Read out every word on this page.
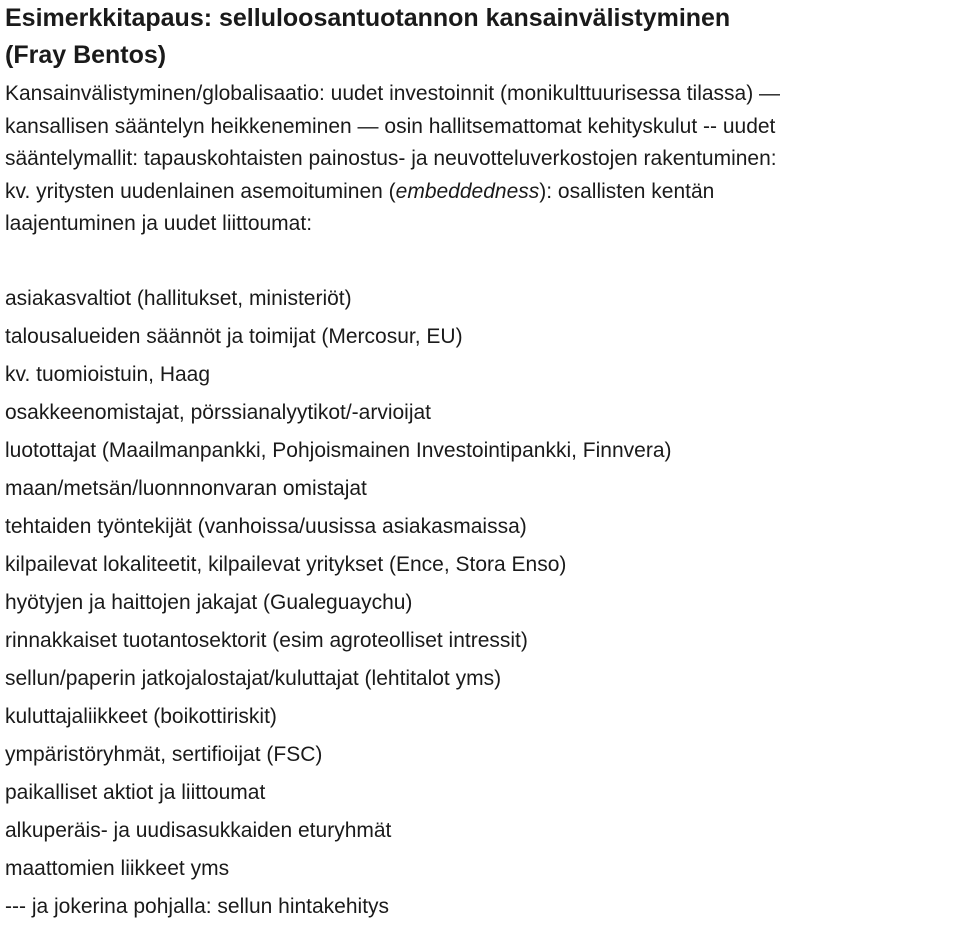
Esimerkkitapaus: selluloosantuotannon kansainvälistyminen
(Fray Bentos)

Kansainvälistyminen/globalisaatio: uudet investoinnit (monikulttuurisessa tilassa) —

kansallisen sääntelyn heikkeneminen — osin hallitsemattomat kehityskulut -- uudet

sääntelymallit: tapauskohtaisten painostus- ja neuvotteluverkostojen rakentuminen:

kv. yritysten uudenlainen asemoituminen (embeddedness): osallisten kentän

laajentuminen ja uudet liittoumat:

asiakasvaltiot (hallitukset, ministeriöt)
talousalueiden säännöt ja toimijat (Mercosur, EU)
kv. tuomioistuin, Haag
osakkeenomistajat, pörssianalyytikot/-arvioijat
luotottajat (Maailmanpankki, Pohjoismainen Investointipankki, Finnvera)
maan/metsän/luonnnonvaran omistajat
tehtaiden työntekijät (vanhoissa/uusissa asiakasmaissa)
kilpailevat lokaliteetit, kilpailevat yritykset (Ence, Stora Enso)
hyötyjen ja haittojen jakajat (Gualeguaychu)
rinnakkaiset tuotantosektorit (esim agroteolliset intressit)
sellun/paperin jatkojalostajat/kuluttajat (lehtitalot yms)
kuluttajaliikkeet (boikottiriskit)
ympäristöryhmät, sertifioijat (FSC)
paikalliset aktiot ja liittoumat
alkuperäis- ja uudisasukkaiden eturyhmät
maattomien liikkeet yms
--- ja jokerina pohjalla: sellun hintakehitys
